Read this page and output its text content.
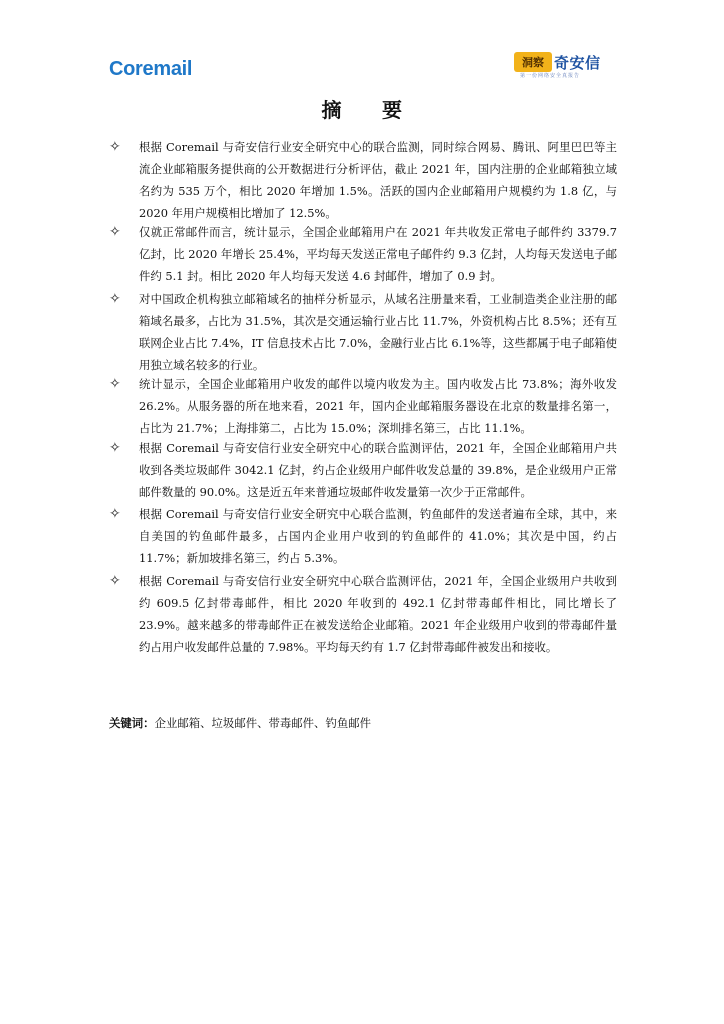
Coremail	洞察 奇安信
第一份网络安全真报告
摘 要
✧ 根据 Coremail 与奇安信行业安全研究中心的联合监测，同时综合网易、腾讯、阿里巴巴等主流企业邮箱服务提供商的公开数据进行分析评估，截止 2021 年，国内注册的企业邮箱独立域名约为 535 万个，相比 2020 年增加 1.5%。活跃的国内企业邮箱用户规模约为 1.8 亿，与 2020 年用户规模相比增加了 12.5%。
✧ 仅就正常邮件而言，统计显示，全国企业邮箱用户在 2021 年共收发正常电子邮件约 3379.7 亿封，比 2020 年增长 25.4%，平均每天发送正常电子邮件约 9.3 亿封，人均每天发送电子邮件约 5.1 封。相比 2020 年人均每天发送 4.6 封邮件，增加了 0.9 封。
✧ 对中国政企机构独立邮箱域名的抽样分析显示，从域名注册量来看，工业制造类企业注册的邮箱域名最多，占比为 31.5%，其次是交通运输行业占比 11.7%，外资机构占比 8.5%；还有互联网企业占比 7.4%，IT 信息技术占比 7.0%，金融行业占比 6.1%等，这些都属于电子邮箱使用独立域名较多的行业。
✧ 统计显示，全国企业邮箱用户收发的邮件以境内收发为主。国内收发占比 73.8%；海外收发 26.2%。从服务器的所在地来看，2021 年，国内企业邮箱服务器设在北京的数量排名第一，占比为 21.7%；上海排第二，占比为 15.0%；深圳排名第三，占比 11.1%。
✧ 根据 Coremail 与奇安信行业安全研究中心的联合监测评估，2021 年，全国企业邮箱用户共收到各类垃圾邮件 3042.1 亿封，约占企业级用户邮件收发总量的 39.8%，是企业级用户正常邮件数量的 90.0%。这是近五年来普通垃圾邮件收发量第一次少于正常邮件。
✧ 根据 Coremail 与奇安信行业安全研究中心联合监测，钓鱼邮件的发送者遍布全球，其中，来自美国的钓鱼邮件最多，占国内企业用户收到的钓鱼邮件的 41.0%；其次是中国，约占 11.7%；新加坡排名第三，约占 5.3%。
✧ 根据 Coremail 与奇安信行业安全研究中心联合监测评估，2021 年，全国企业级用户共收到约 609.5 亿封带毒邮件，相比 2020 年收到的 492.1 亿封带毒邮件相比，同比增长了 23.9%。越来越多的带毒邮件正在被发送给企业邮箱。2021 年企业级用户收到的带毒邮件量约占用户收发邮件总量的 7.98%。平均每天约有 1.7 亿封带毒邮件被发出和接收。
关键词：企业邮箱、垃圾邮件、带毒邮件、钓鱼邮件
